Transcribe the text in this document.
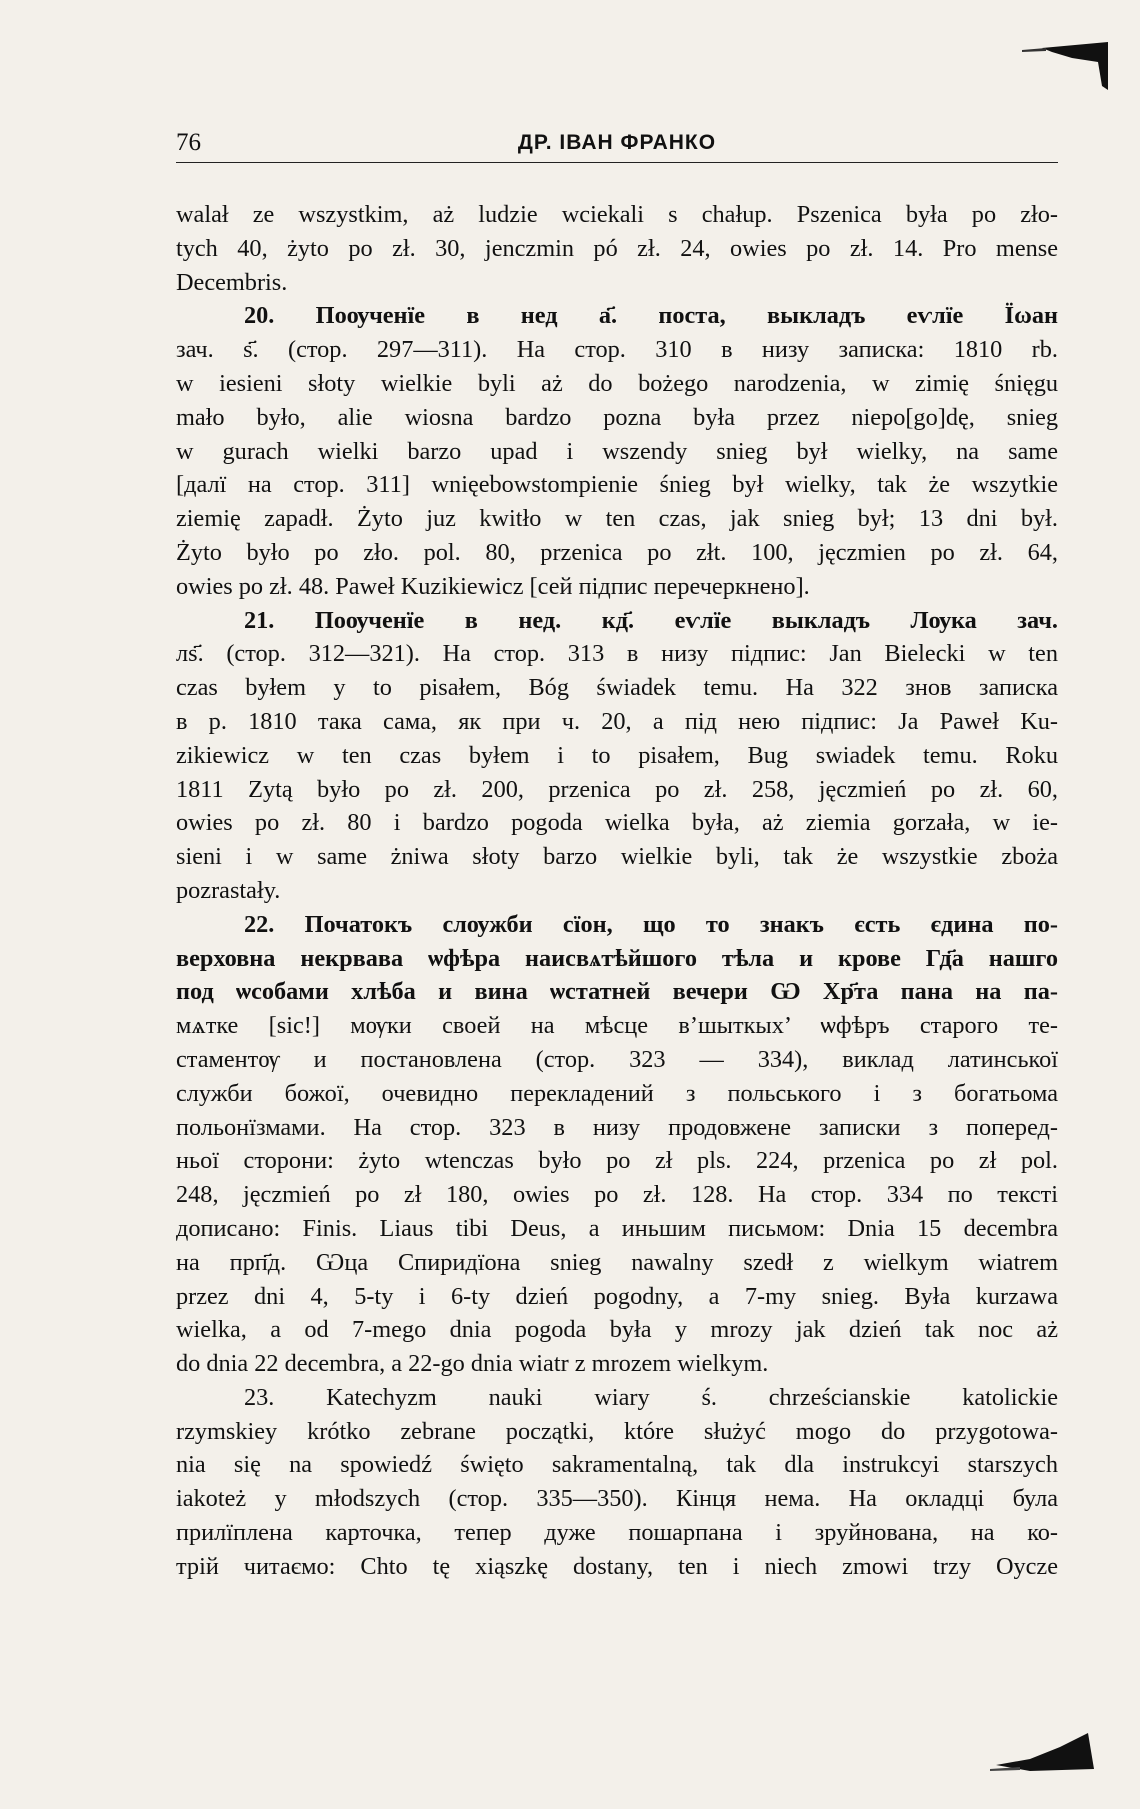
76	ДР. ІВАН ФРАНКО

walał ze wszystkim, aż ludzie wciekali s chałup. Pszenica była po zło-
tych 40, żyto po zł. 30, jenczmin pó zł. 24, owies po zł. 14. Pro mense
Decembris.

20. Поѹченїе в нед а҃. поста, выкладъ еѵлїе Їωан
зач. ѕ҃. (стор. 297—311). На стор. 310 в низу записка: 1810 rb.
w iesieni słoty wielkie byli aż do bożego narodzenia, w zimię śnięgu
mało było, alie wiosna bardzo pozna była przez niepo[go]dę, snieg
w gurach wielki barzo upad i wszendy snieg był wielky, na same
[далї на стор. 311] wnięebowstompienie śnieg był wielky, tak że wszytkie
ziemię zapadł. Żyto juz kwitło w ten czas, jak snieg był; 13 dni był.
Żyto było po zło. pol. 80, przenica po złt. 100, jęczmien po zł. 64,
owies po zł. 48. Paweł Kuzikiewicz [сей підпис перечеркнено].

21. Поѹченїе в нед. кд҃. еѵлїе выкладъ Лѹка зач.
лѕ҃. (стор. 312—321). На стор. 313 в низу підпис: Jan Bielecki w ten
czas byłem y to pisałem, Bóg świadek temu. На 322 знов записка
в р. 1810 така сама, як при ч. 20, а під нею підпис: Ja Paweł Ku-
zikiewicz w ten czas byłem i to pisałem, Bug swiadek temu. Roku
1811 Zytą było po zł. 200, przenica po zł. 258, jęczmień po zł. 60,
owies po zł. 80 i bardzo pogoda wielka była, aż ziemia gorzała, w ie-
sieni i w same żniwa słoty barzo wielkie byli, tak że wszystkie zboża
pozrastały.

22. Початокъ слѹжби сїон, що то знакъ єсть єдина по-
верховна некрвава ѡфѣра наисвѧтѣйшого тѣла и крове Гд҃а нашго
под ѡсобами хлѣба и вина ѡстатней вечери Ѡ Хр҃та пана на па-
мѧтке [sic!] мѹки своей на мѣсце в’шыткых’ ѡфѣръ старого те-
стаментѹ и постановлена (стор. 323 — 334), виклад латинської
служби божої, очевидно перекладений з польського і з богатьома
польонїзмами. На стор. 323 в низу продовжене записки з поперед-
ньої сторони: żyto wtenczas było po zł pls. 224, przenica po zł pol.
248, jęczmień po zł 180, owies po zł. 128. На стор. 334 по тексті
дописано: Finis. Liaus tibi Deus, а иньшим письмом: Dnia 15 decembra
на прп҃д. Ѡца Спиридїона snieg nawalny szedł z wielkym wiatrem
przez dni 4, 5-ty i 6-ty dzień pogodny, a 7-my snieg. Była kurzawa
wielka, a od 7-mego dnia pogoda była y mrozy jak dzień tak noc aż
do dnia 22 decembra, a 22-go dnia wiatr z mrozem wielkym.

23. Katechyzm nauki wiary ś. chrześcianskie katolickie
rzymskiey krótko zebrane początki, które służyć mogo do przygotowa-
nia się na spowiedź święto sakramentalną, tak dla instrukcyi starszych
iakoteż y młodszych (стор. 335—350). Кінця нема. На окладці була
прилїплена карточка, тепер дуже пошарпана і зруйнована, на ко-
трій читаємо: Chto tę xiąszkę dostany, ten i niech zmowi trzy Oycze
